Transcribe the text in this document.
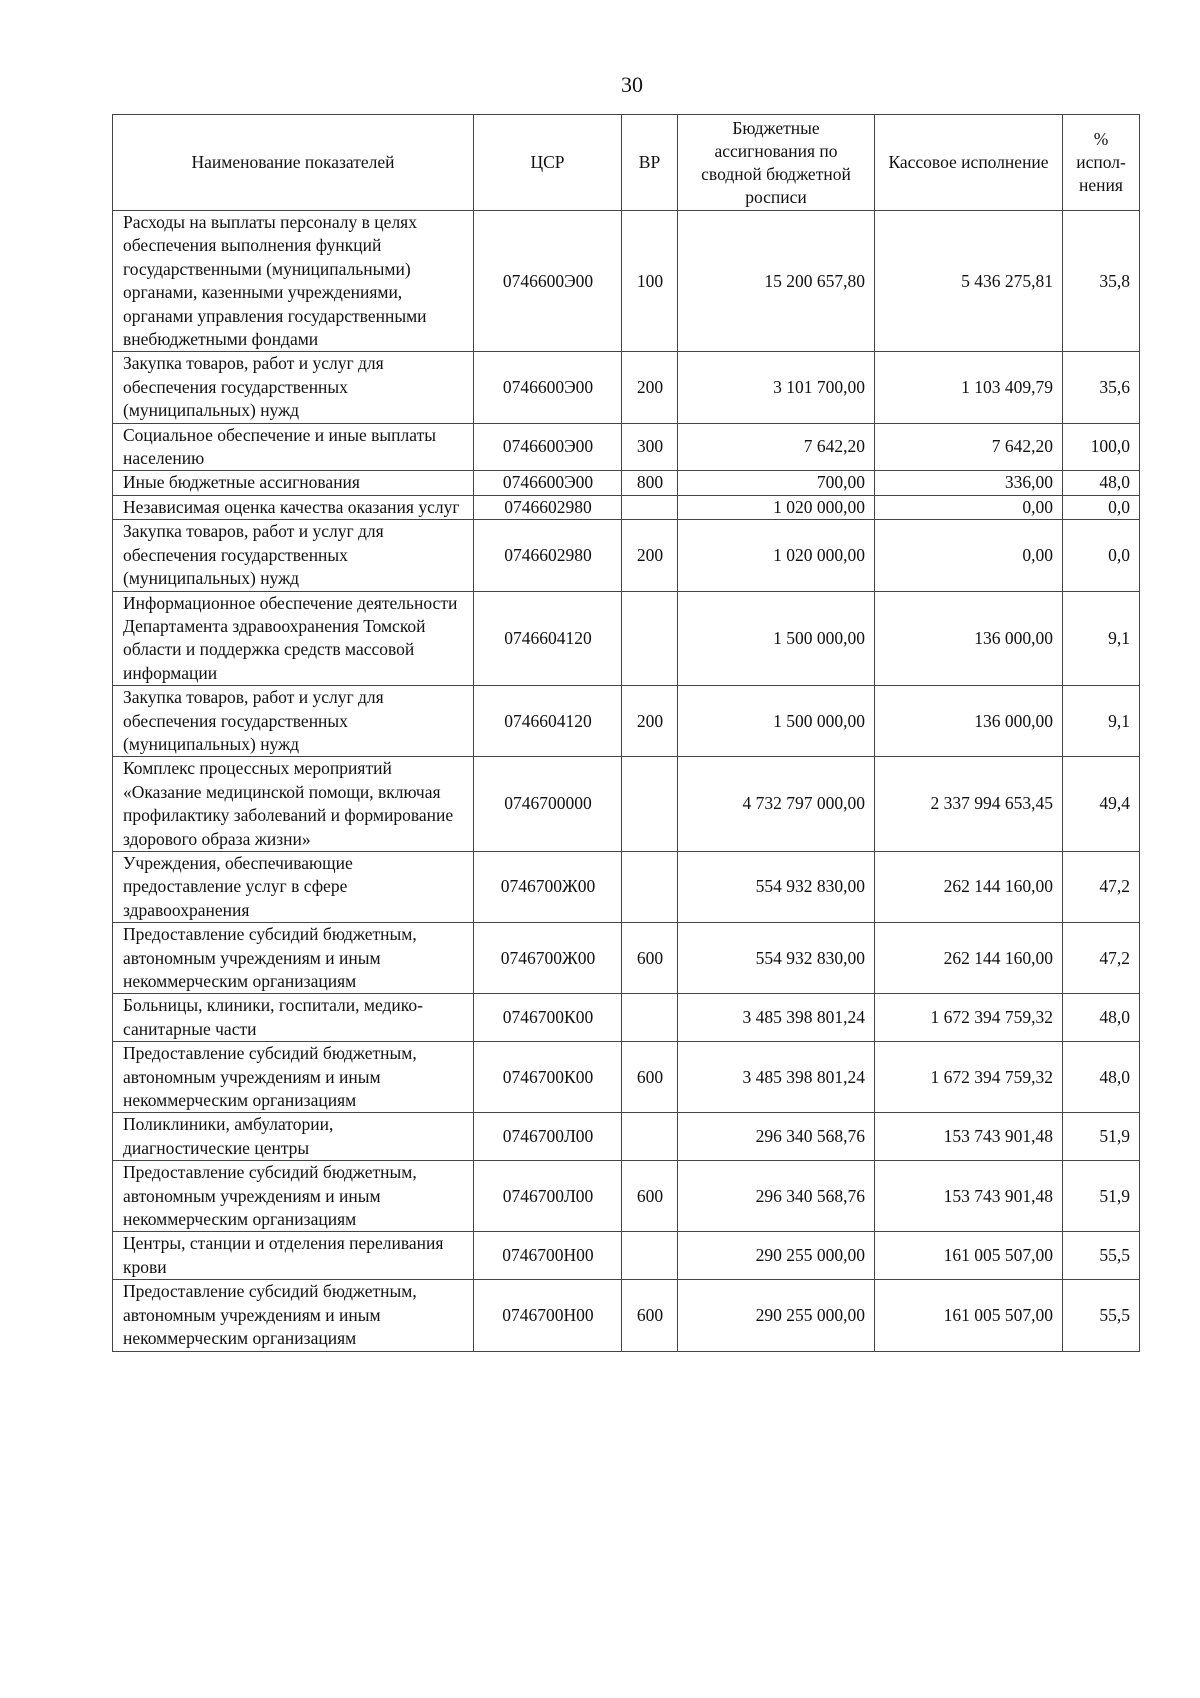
30
Наименование показателей	ЦСР	ВР	Бюджетные ассигнования по сводной бюджетной росписи	Кассовое исполнение	% испол-нения
Расходы на выплаты персоналу в целях обеспечения выполнения функций государственными (муниципальными) органами, казенными учреждениями, органами управления государственными внебюджетными фондами	0746600Э00	100	15 200 657,80	5 436 275,81	35,8
Закупка товаров, работ и услуг для обеспечения государственных (муниципальных) нужд	0746600Э00	200	3 101 700,00	1 103 409,79	35,6
Социальное обеспечение и иные выплаты населению	0746600Э00	300	7 642,20	7 642,20	100,0
Иные бюджетные ассигнования	0746600Э00	800	700,00	336,00	48,0
Независимая оценка качества оказания услуг	0746602980		1 020 000,00	0,00	0,0
Закупка товаров, работ и услуг для обеспечения государственных (муниципальных) нужд	0746602980	200	1 020 000,00	0,00	0,0
Информационное обеспечение деятельности Департамента здравоохранения Томской области и поддержка средств массовой информации	0746604120		1 500 000,00	136 000,00	9,1
Закупка товаров, работ и услуг для обеспечения государственных (муниципальных) нужд	0746604120	200	1 500 000,00	136 000,00	9,1
Комплекс процессных мероприятий «Оказание медицинской помощи, включая профилактику заболеваний и формирование здорового образа жизни»	0746700000		4 732 797 000,00	2 337 994 653,45	49,4
Учреждения, обеспечивающие предоставление услуг в сфере здравоохранения	0746700Ж00		554 932 830,00	262 144 160,00	47,2
Предоставление субсидий бюджетным, автономным учреждениям и иным некоммерческим организациям	0746700Ж00	600	554 932 830,00	262 144 160,00	47,2
Больницы, клиники, госпитали, медико-санитарные части	0746700К00		3 485 398 801,24	1 672 394 759,32	48,0
Предоставление субсидий бюджетным, автономным учреждениям и иным некоммерческим организациям	0746700К00	600	3 485 398 801,24	1 672 394 759,32	48,0
Поликлиники, амбулатории, диагностические центры	0746700Л00		296 340 568,76	153 743 901,48	51,9
Предоставление субсидий бюджетным, автономным учреждениям и иным некоммерческим организациям	0746700Л00	600	296 340 568,76	153 743 901,48	51,9
Центры, станции и отделения переливания крови	0746700Н00		290 255 000,00	161 005 507,00	55,5
Предоставление субсидий бюджетным, автономным учреждениям и иным некоммерческим организациям	0746700Н00	600	290 255 000,00	161 005 507,00	55,5
